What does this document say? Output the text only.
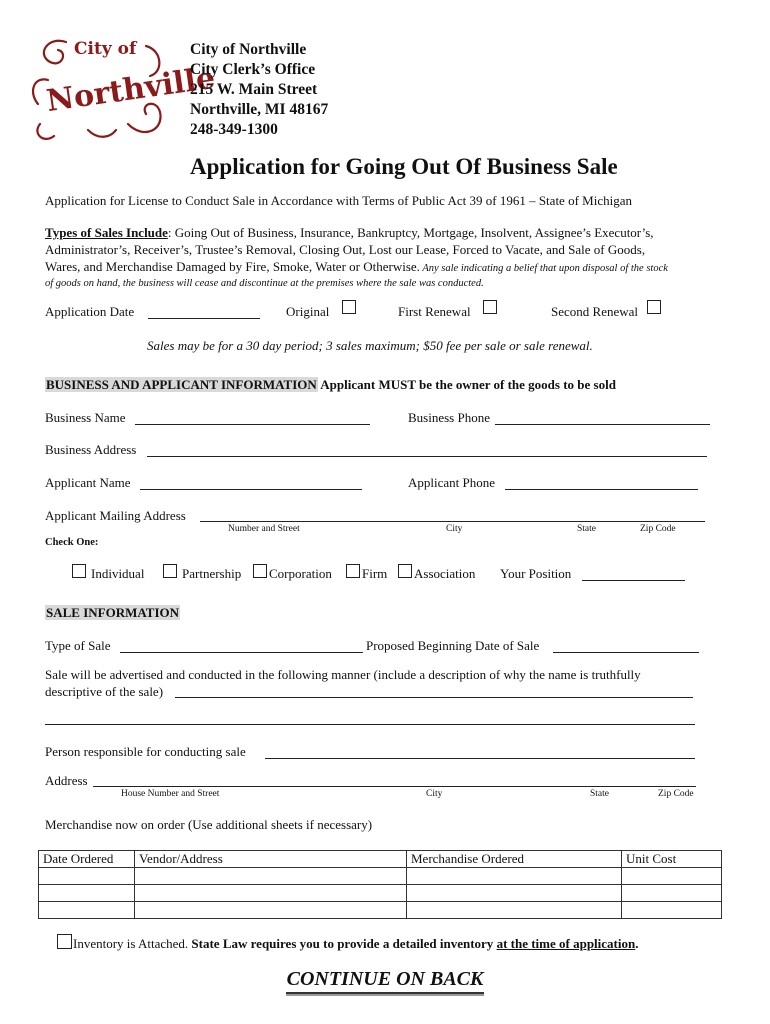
City of
Northville
City of Northville
City Clerk’s Office
215 W. Main Street
Northville, MI 48167
248-349-1300
Application for Going Out Of Business Sale
Application for License to Conduct Sale in Accordance with Terms of Public Act 39 of 1961 – State of Michigan
Types of Sales Include: Going Out of Business, Insurance, Bankruptcy, Mortgage, Insolvent, Assignee’s Executor’s,
Administrator’s, Receiver’s, Trustee’s Removal, Closing Out, Lost our Lease, Forced to Vacate, and Sale of Goods,
Wares, and Merchandise Damaged by Fire, Smoke, Water or Otherwise. Any sale indicating a belief that upon disposal of the stock
of goods on hand, the business will cease and discontinue at the premises where the sale was conducted.
Application Date	Original	First Renewal	Second Renewal
Sales may be for a 30 day period; 3 sales maximum; $50 fee per sale or sale renewal.
BUSINESS AND APPLICANT INFORMATION Applicant MUST be the owner of the goods to be sold
Business Name	Business Phone
Business Address
Applicant Name	Applicant Phone
Applicant Mailing Address
Number and Street	City	State	Zip Code
Check One:
Individual	Partnership Corporation Firm Association Your Position
SALE INFORMATION
Type of Sale	Proposed Beginning Date of Sale
Sale will be advertised and conducted in the following manner (include a description of why the name is truthfully
descriptive of the sale)
Person responsible for conducting sale
Address
House Number and Street	City	State	Zip Code
Merchandise now on order (Use additional sheets if necessary)
Date Ordered	Vendor/Address	Merchandise Ordered	Unit Cost

Inventory is Attached. State Law requires you to provide a detailed inventory at the time of application.
CONTINUE ON BACK
